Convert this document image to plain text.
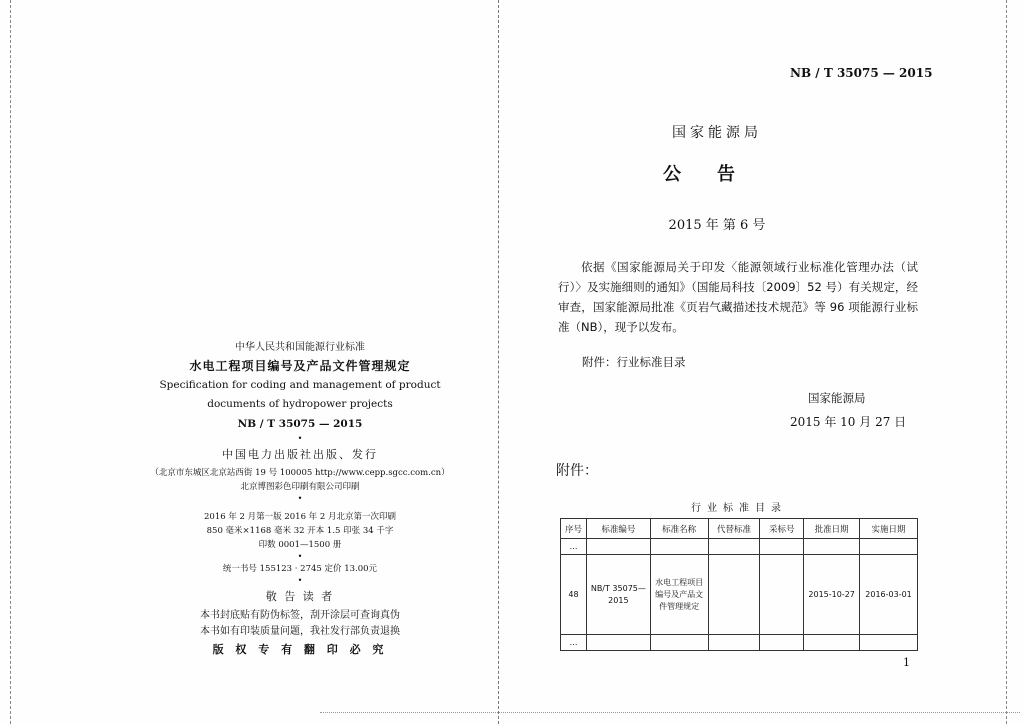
中华人民共和国能源行业标准
水电工程项目编号及产品文件管理规定
Specification for coding and management of product
documents of hydropower projects
NB / T 35075 — 2015
•
中国电力出版社出版、发行
（北京市东城区北京站西街 19 号 100005 http://www.cepp.sgcc.com.cn）
北京博图彩色印刷有限公司印刷
•
2016 年 2 月第一版 2016 年 2 月北京第一次印刷
850 毫米×1168 毫米 32 开本 1.5 印张 34 千字
印数 0001—1500 册
•
统一书号 155123 · 2745 定价 13.00元
•
敬 告 读 者
本书封底贴有防伪标签，刮开涂层可查询真伪
本书如有印装质量问题，我社发行部负责退换
版 权 专 有 翻 印 必 究
NB / T 35075 — 2015
国家能源局
公告
2015 年 第 6 号
依据《国家能源局关于印发〈能源领域行业标准化管理办法（试行）〉及实施细则的通知》（国能局科技〔2009〕52 号）有关规定，经审查，国家能源局批准《页岩气藏描述技术规范》等 96 项能源行业标准（NB），现予以发布。
附件：行业标准目录
国家能源局
2015 年 10 月 27 日
附件：
行业标准目录
序号	标准编号	标准名称	代替标准	采标号	批准日期	实施日期
…						
48	NB/T 35075—2015	水电工程项目编号及产品文件管理规定			2015-10-27	2016-03-01
…						
1
